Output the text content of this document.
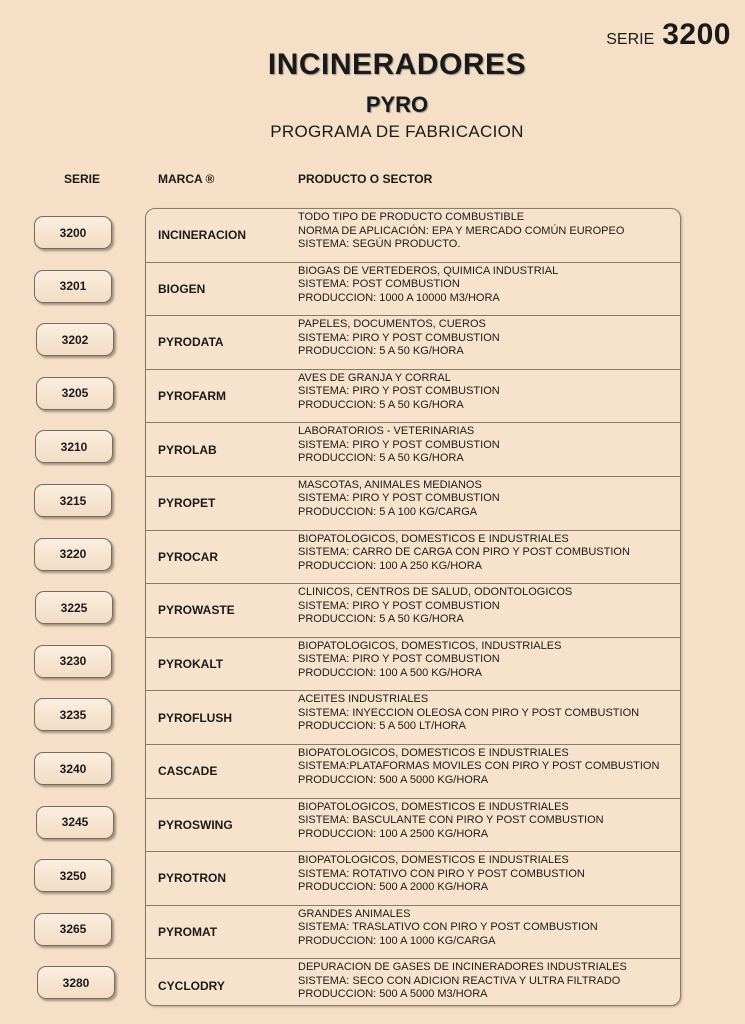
SERIE 3200
INCINERADORES
PYRO
PROGRAMA DE FABRICACION
SERIE	MARCA ®	PRODUCTO O SECTOR
3200
3201
3202
3205
3210
3215
3220
3225
3230
3235
3240
3245
3250
3265
3280
INCINERACION
TODO TIPO DE PRODUCTO COMBUSTIBLE
NORMA DE APLICACIÓN: EPA Y MERCADO COMÚN EUROPEO
SISTEMA: SEGÚN PRODUCTO.
BIOGEN
BIOGAS DE VERTEDEROS, QUIMICA INDUSTRIAL
SISTEMA: POST COMBUSTION
PRODUCCION: 1000 A 10000 M3/HORA
PYRODATA
PAPELES, DOCUMENTOS, CUEROS
SISTEMA: PIRO Y POST COMBUSTION
PRODUCCION: 5 A 50 KG/HORA
PYROFARM
AVES DE GRANJA Y CORRAL
SISTEMA: PIRO Y POST COMBUSTION
PRODUCCION: 5 A 50 KG/HORA
PYROLAB
LABORATORIOS - VETERINARIAS
SISTEMA: PIRO Y POST COMBUSTION
PRODUCCION: 5 A 50 KG/HORA
PYROPET
MASCOTAS, ANIMALES MEDIANOS
SISTEMA: PIRO Y POST COMBUSTION
PRODUCCION: 5 A 100 KG/CARGA
PYROCAR
BIOPATOLOGICOS, DOMESTICOS E INDUSTRIALES
SISTEMA: CARRO DE CARGA CON PIRO Y POST COMBUSTION
PRODUCCION: 100 A 250 KG/HORA
PYROWASTE
CLINICOS, CENTROS DE SALUD, ODONTOLOGICOS
SISTEMA: PIRO Y POST COMBUSTION
PRODUCCION: 5 A 50 KG/HORA
PYROKALT
BIOPATOLOGICOS, DOMESTICOS, INDUSTRIALES
SISTEMA: PIRO Y POST COMBUSTION
PRODUCCION: 100 A 500 KG/HORA
PYROFLUSH
ACEITES INDUSTRIALES
SISTEMA: INYECCION OLEOSA CON PIRO Y POST COMBUSTION
PRODUCCION: 5 A 500 LT/HORA
CASCADE
BIOPATOLOGICOS, DOMESTICOS E INDUSTRIALES
SISTEMA:PLATAFORMAS MOVILES CON PIRO Y POST COMBUSTION
PRODUCCION: 500 A 5000 KG/HORA
PYROSWING
BIOPATOLOGICOS, DOMESTICOS E INDUSTRIALES
SISTEMA: BASCULANTE CON PIRO Y POST COMBUSTION
PRODUCCION: 100 A 2500 KG/HORA
PYROTRON
BIOPATOLOGICOS, DOMESTICOS E INDUSTRIALES
SISTEMA: ROTATIVO CON PIRO Y POST COMBUSTION
PRODUCCION: 500 A 2000 KG/HORA
PYROMAT
GRANDES ANIMALES
SISTEMA: TRASLATIVO CON PIRO Y POST COMBUSTION
PRODUCCION: 100 A 1000 KG/CARGA
CYCLODRY
DEPURACION DE GASES DE INCINERADORES INDUSTRIALES
SISTEMA: SECO CON ADICION REACTIVA Y ULTRA FILTRADO
PRODUCCION: 500 A 5000 M3/HORA
